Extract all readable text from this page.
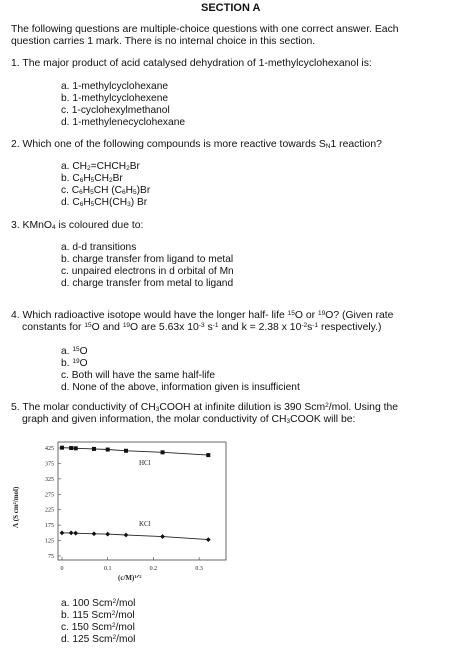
SECTION A
The following questions are multiple-choice questions with one correct answer. Each
question carries 1 mark. There is no internal choice in this section.
1. The major product of acid catalysed dehydration of 1-methylcyclohexanol is:
a. 1-methylcyclohexane
b. 1-methylcyclohexene
c. 1-cyclohexylmethanol
d. 1-methylenecyclohexane
2. Which one of the following compounds is more reactive towards $S_N1$ reaction?
a. $CH_2=CHCH_2Br$
b. $C_6H_5CH_2Br$
c. $C_6H_5CH$ $(C_6H_5)Br$
d. $C_6H_5CH(CH_3)$ Br
3. KMnO$_4$ is coloured due to:
a. d-d transitions
b. charge transfer from ligand to metal
c. unpaired electrons in d orbital of Mn
d. charge transfer from metal to ligand
4. Which radioactive isotope would have the longer half- life $^{15}$O or $^{19}$O? (Given rate
constants for $^{15}$O and $^{19}$O are 5.63x $10^{-3}$ $s^{-1}$ and k = 2.38 x $10^{-2}s^{-1}$ respectively.)
a. $^{15}$O
b. $^{19}$O
c. Both will have the same half-life
d. None of the above, information given is insufficient
5. The molar conductivity of $CH_3COOH$ at infinite dilution is 390 Scm$^2$/mol. Using the
graph and given information, the molar conductivity of $CH_3COOK$ will be:
425
375
325
275
225
175
125
75
0	0.1	0.2	0.3
HCl
KCl
Λ (S cm²/mol)
(c/M)¹ᐟ²
a. 100 Scm$^2$/mol
b. 115 Scm$^2$/mol
c. 150 Scm$^2$/mol
d. 125 Scm$^2$/mol
